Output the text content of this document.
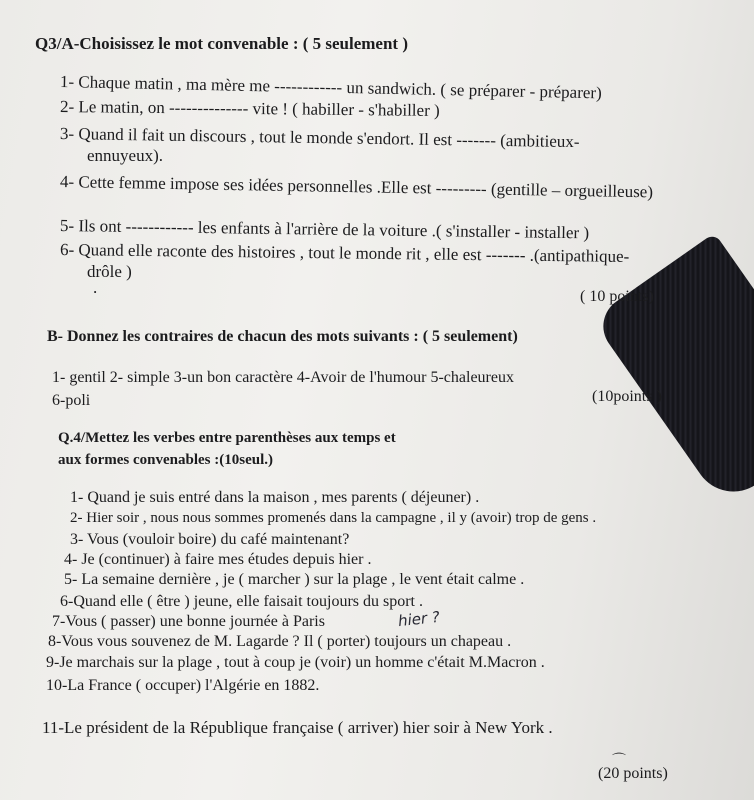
Q3/A-Choisissez le mot convenable : ( 5 seulement )
1- Chaque matin , ma mère me ------------ un sandwich. ( se préparer - préparer)
2- Le matin, on -------------- vite ! ( habiller - s'habiller )
3- Quand il fait un discours , tout le monde s'endort. Il est ------- (ambitieux-
ennuyeux).
4- Cette femme impose ses idées personnelles .Elle est --------- (gentille – orgueilleuse)
5- Ils ont ------------ les enfants à l'arrière de la voiture .( s'installer - installer )
6- Quand elle raconte des histoires , tout le monde rit , elle est ------- .(antipathique-
drôle )
.	( 10 points)
B- Donnez les contraires de chacun des mots suivants : ( 5 seulement)
1- gentil 2- simple 3-un bon caractère 4-Avoir de l'humour 5-chaleureux
6-poli	(10points )
Q.4/Mettez les verbes entre parenthèses aux temps et
aux formes convenables :(10seul.)
1- Quand je suis entré dans la maison , mes parents ( déjeuner) .
2- Hier soir , nous nous sommes promenés dans la campagne , il y (avoir) trop de gens .
3- Vous (vouloir boire) du café maintenant?
4- Je (continuer) à faire mes études depuis hier .
5- La semaine dernière , je ( marcher ) sur la plage , le vent était calme .
6-Quand elle ( être ) jeune, elle faisait toujours du sport .
7-Vous ( passer) une bonne journée à Paris	hier ?
8-Vous vous souvenez de M. Lagarde ? Il ( porter) toujours un chapeau .
9-Je marchais sur la plage , tout à coup je (voir) un homme c'était M.Macron .
10-La France ( occuper) l'Algérie en 1882.
11-Le président de la République française ( arriver) hier soir à New York .
⌒
(20 points)
